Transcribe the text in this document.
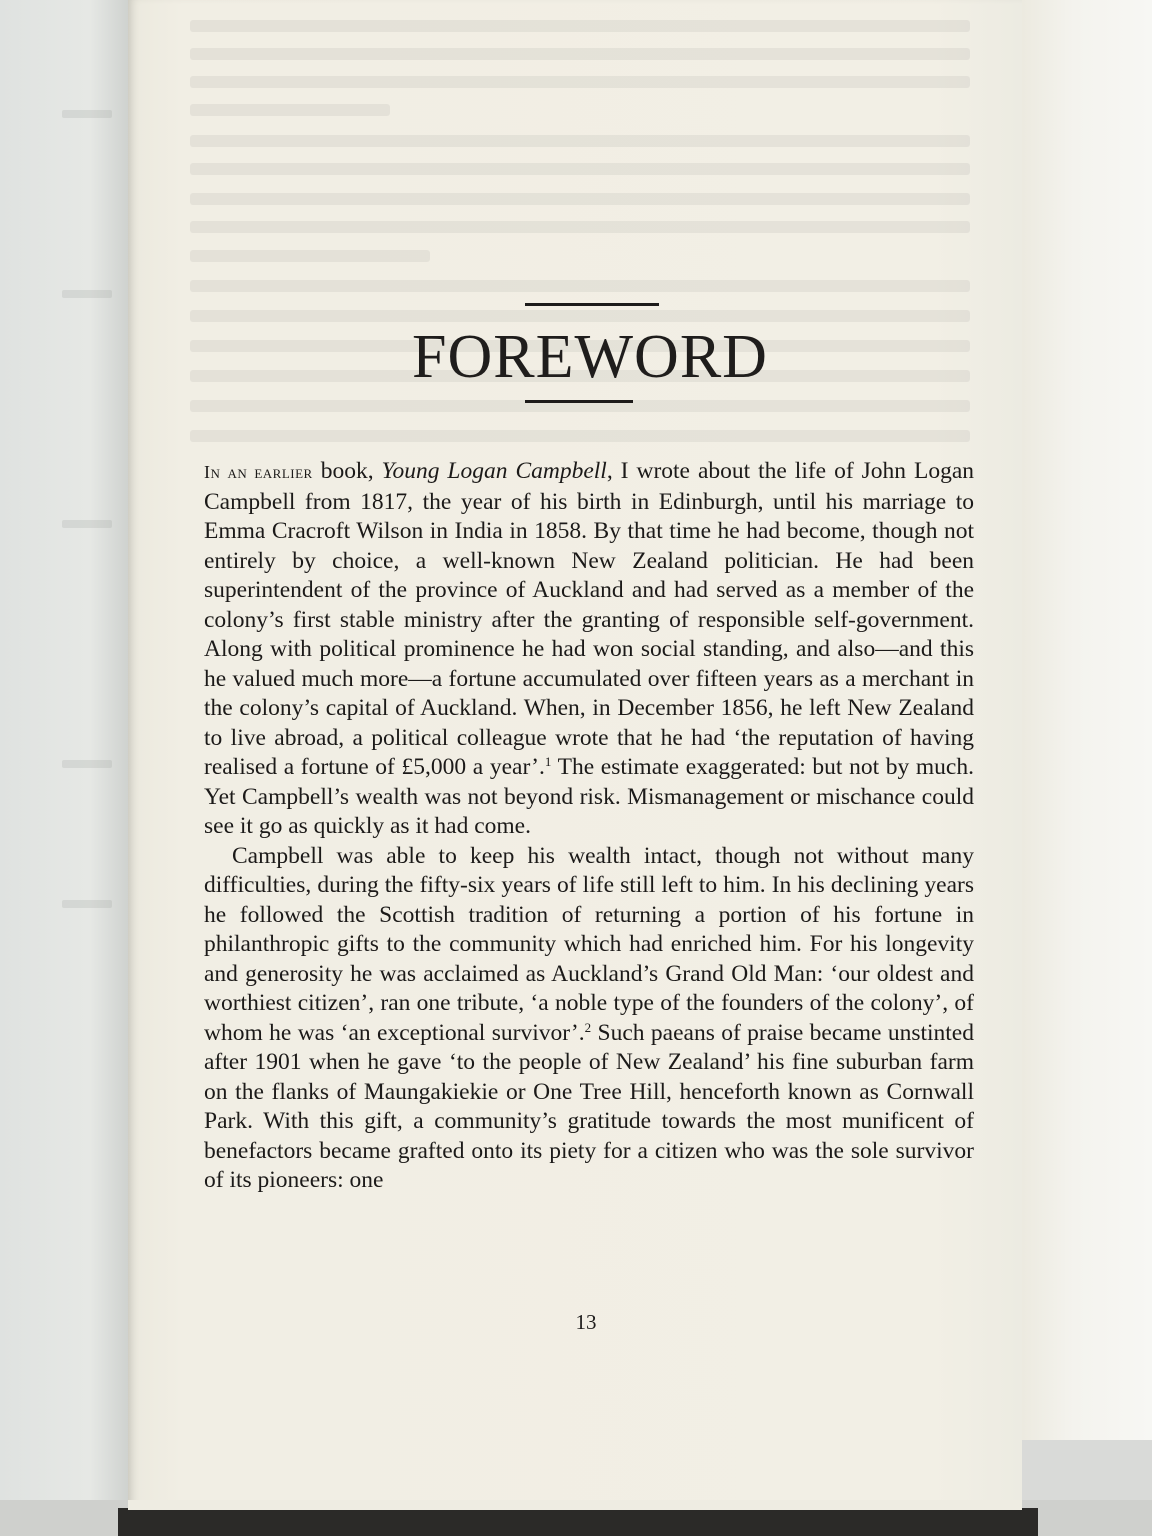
FOREWORD

In an earlier book, Young Logan Campbell, I wrote about the life of John Logan Campbell from 1817, the year of his birth in Edinburgh, until his marriage to Emma Cracroft Wilson in India in 1858. By that time he had become, though not entirely by choice, a well-known New Zealand politician. He had been superintendent of the province of Auckland and had served as a member of the colony’s first stable ministry after the granting of responsible self-government. Along with political prominence he had won social standing, and also—and this he valued much more—a fortune accumulated over fifteen years as a merchant in the colony’s capital of Auckland. When, in December 1856, he left New Zealand to live abroad, a political colleague wrote that he had ‘the reputation of having realised a fortune of £5,000 a year’.$^1$ The estimate exaggerated: but not by much. Yet Campbell’s wealth was not beyond risk. Mismanagement or mischance could see it go as quickly as it had come.

Campbell was able to keep his wealth intact, though not without many difficulties, during the fifty-six years of life still left to him. In his declining years he followed the Scottish tradition of returning a portion of his fortune in philanthropic gifts to the community which had enriched him. For his longevity and generosity he was acclaimed as Auckland’s Grand Old Man: ‘our oldest and worthiest citizen’, ran one tribute, ‘a noble type of the founders of the colony’, of whom he was ‘an exceptional survivor’.$^2$ Such paeans of praise became unstinted after 1901 when he gave ‘to the people of New Zealand’ his fine suburban farm on the flanks of Maungakiekie or One Tree Hill, henceforth known as Cornwall Park. With this gift, a community’s gratitude towards the most munificent of benefactors became grafted onto its piety for a citizen who was the sole survivor of its pioneers: one

13
